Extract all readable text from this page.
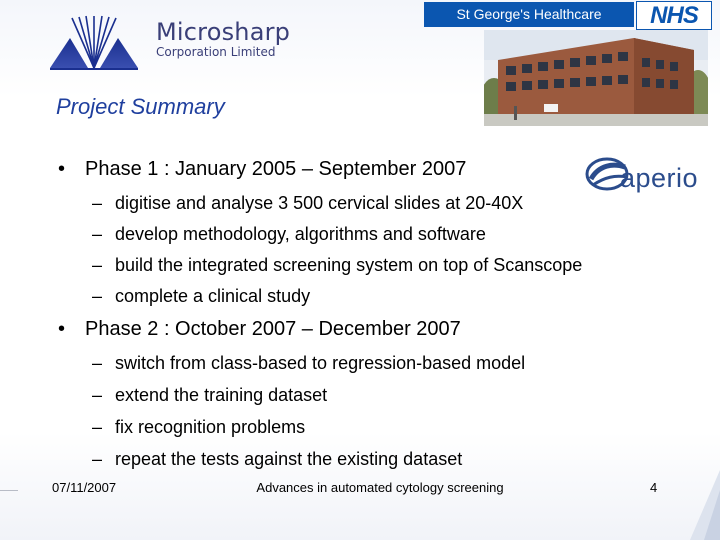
Microsharp
Corporation Limited
St George's Healthcare	NHS
Project Summary
aperio
• Phase 1 : January 2005 – September 2007
– digitise and analyse 3 500 cervical slides at 20-40X
– develop methodology, algorithms and software
– build the integrated screening system on top of Scanscope
– complete a clinical study
• Phase 2 : October 2007 – December 2007
– switch from class-based to regression-based model
– extend the training dataset
– fix recognition problems
– repeat the tests against the existing dataset
07/11/2007	Advances in automated cytology screening	4
